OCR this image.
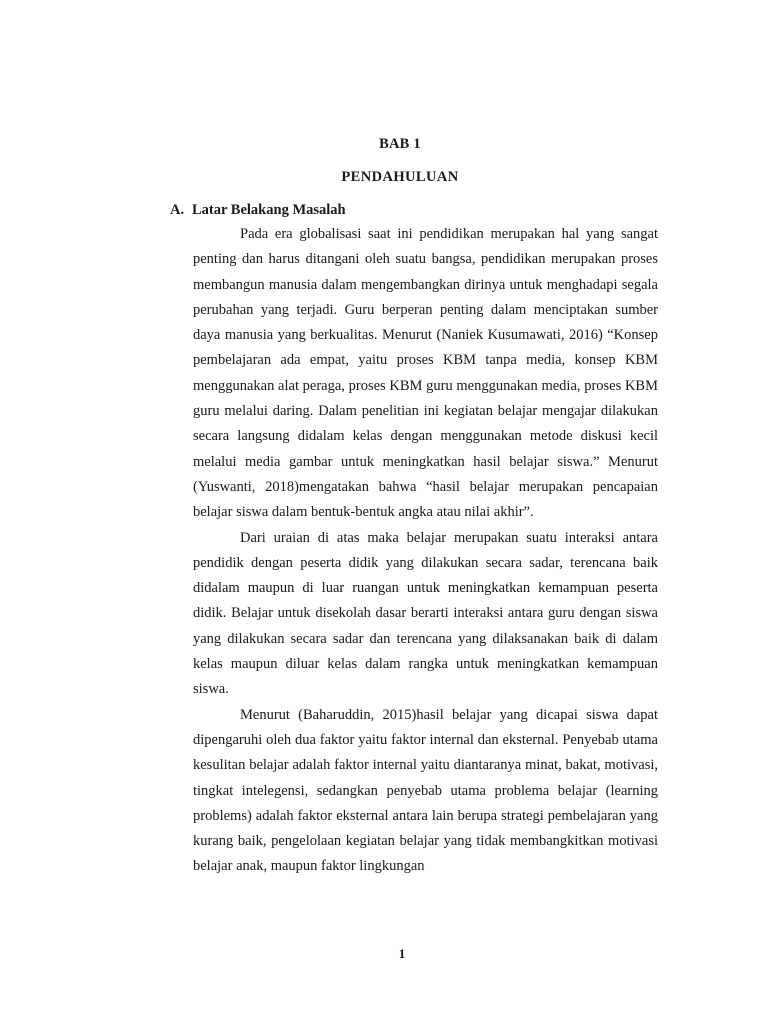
BAB 1
PENDAHULUAN
A. Latar Belakang Masalah

Pada era globalisasi saat ini pendidikan merupakan hal yang sangat penting dan harus ditangani oleh suatu bangsa, pendidikan merupakan proses membangun manusia dalam mengembangkan dirinya untuk menghadapi segala perubahan yang terjadi. Guru berperan penting dalam menciptakan sumber daya manusia yang berkualitas. Menurut (Naniek Kusumawati, 2016) “Konsep pembelajaran ada empat, yaitu proses KBM tanpa media, konsep KBM menggunakan alat peraga, proses KBM guru menggunakan media, proses KBM guru melalui daring. Dalam penelitian ini kegiatan belajar mengajar dilakukan secara langsung didalam kelas dengan menggunakan metode diskusi kecil melalui media gambar untuk meningkatkan hasil belajar siswa.” Menurut (Yuswanti, 2018)mengatakan bahwa “hasil belajar merupakan pencapaian belajar siswa dalam bentuk-bentuk angka atau nilai akhir”.

Dari uraian di atas maka belajar merupakan suatu interaksi antara pendidik dengan peserta didik yang dilakukan secara sadar, terencana baik didalam maupun di luar ruangan untuk meningkatkan kemampuan peserta didik. Belajar untuk disekolah dasar berarti interaksi antara guru dengan siswa yang dilakukan secara sadar dan terencana yang dilaksanakan baik di dalam kelas maupun diluar kelas dalam rangka untuk meningkatkan kemampuan siswa.

Menurut (Baharuddin, 2015)hasil belajar yang dicapai siswa dapat dipengaruhi oleh dua faktor yaitu faktor internal dan eksternal. Penyebab utama kesulitan belajar adalah faktor internal yaitu diantaranya minat, bakat, motivasi, tingkat intelegensi, sedangkan penyebab utama problema belajar (learning problems) adalah faktor eksternal antara lain berupa strategi pembelajaran yang kurang baik, pengelolaan kegiatan belajar yang tidak membangkitkan motivasi belajar anak, maupun faktor lingkungan

1
